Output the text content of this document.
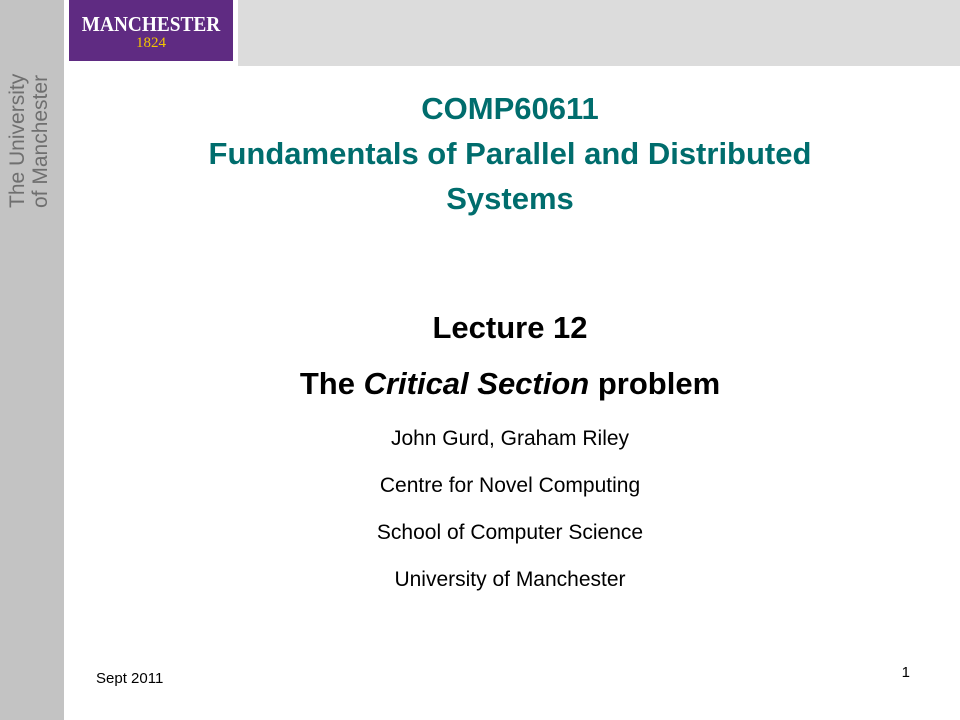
MANCHESTER
1824
The University of Manchester	COMP60611
Fundamentals of Parallel and Distributed
Systems
Lecture 12
The Critical Section problem
John Gurd, Graham Riley
Centre for Novel Computing
School of Computer Science
University of Manchester
Sept 2011	1
